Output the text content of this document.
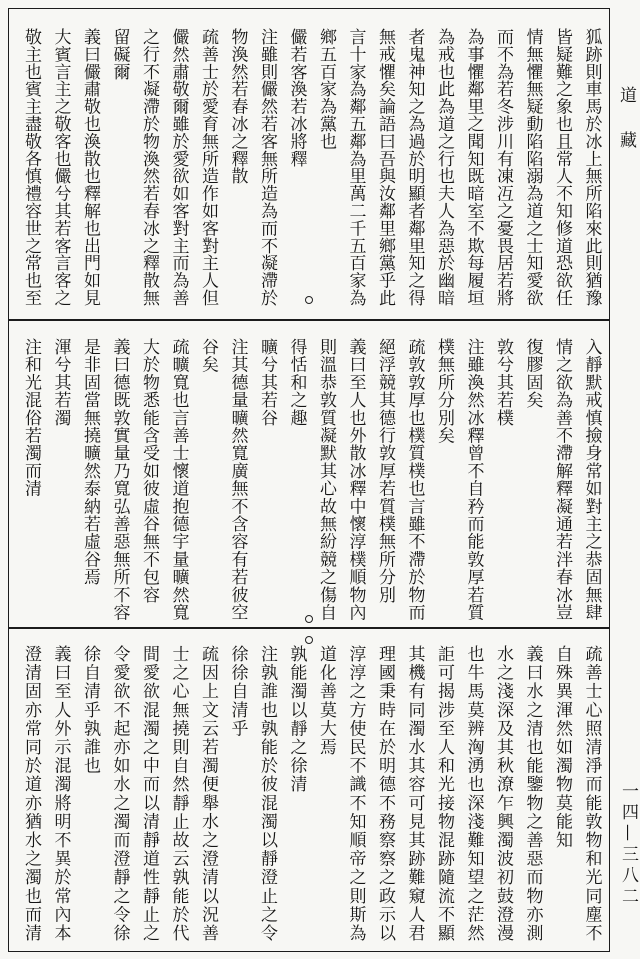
狐跡則車馬於冰上無所陷來此則猶豫
皆疑難之象也且常人不知修道恐欲任
情無懼無疑動陷陷溺為道之士知愛欲
而不為若冬涉川有凍冱之憂畏居若將
為事懼鄰里之聞知既暗室不欺每履垣
為戒也此為道之行也夫人為惡於幽暗
者鬼神知之為過於明顯者鄰里知之得
無戒懼矣論語曰吾與汝鄰里鄉黨乎此
言十家為鄰五鄰為里萬二千五百家為
鄉五百家為黨也
儼若客渙若冰將釋
注雖則儼然若客無所造為而不凝滯於
物渙然若春冰之釋散
疏善士於愛育無所造作如客對主人但
儼然肅敬爾雖於愛欲如客對主而為善
之行不凝滯於物渙然若春冰之釋散無
留礙爾
義曰儼肅敬也渙散也釋解也出門如見
大賓言主之敬客也儼兮其若客言客之
敬主也賓主盡敬各慎禮容世之常也至
入靜默戒慎撿身常如對主之恭固無肆
情之欲為善不滯解釋凝通若泮春冰豈
復膠固矣
敦兮其若樸
注雖渙然冰釋曾不自矜而能敦厚若質
樸無所分別矣
疏敦敦厚也樸質樸也言雖不滯於物而
絕浮競其德行敦厚若質樸無所分別
義曰至人也外散冰釋中懷淳樸順物內
則溫恭敦質凝默其心故無紛競之傷自
得恬和之趣
曠兮其若谷
注其德量曠然寬廣無不含容有若彼空
谷矣
疏曠寬也言善士懷道抱德宇量曠然寬
大於物悉能含受如彼虛谷無不包容
義曰德既敦實量乃寬弘善惡無所不容
是非固當無撓曠然泰納若虛谷焉
渾兮其若濁
注和光混俗若濁而清
疏善士心照清淨而能敦物和光同塵不
自殊異渾然如濁物莫能知
義曰水之清也能鑒物之善惡而物亦測
水之淺深及其秋潦乍興濁波初鼓澄漫
也牛馬莫辨洶湧也深淺難知望之茫然
詎可揭涉至人和光接物混跡隨流不顯
其機有同濁水其容可見其跡難窺人君
理國秉時在於明德不務察察之政示以
淳淳之方使民不識不知順帝之則斯為
道化善莫大焉
孰能濁以靜之徐清
注孰誰也孰能於彼混濁以靜澄止之令
徐徐自清乎
疏因上文云若濁便舉水之澄清以況善
士之心無撓則自然靜止故云孰能於代
間愛欲混濁之中而以清靜道性靜止之
令愛欲不起亦如水之濁而澄靜之令徐
徐自清乎孰誰也
義曰至人外示混濁將明不異於常內本
澄清固亦常同於道亦猶水之濁也而清
道藏
一四—三八二
